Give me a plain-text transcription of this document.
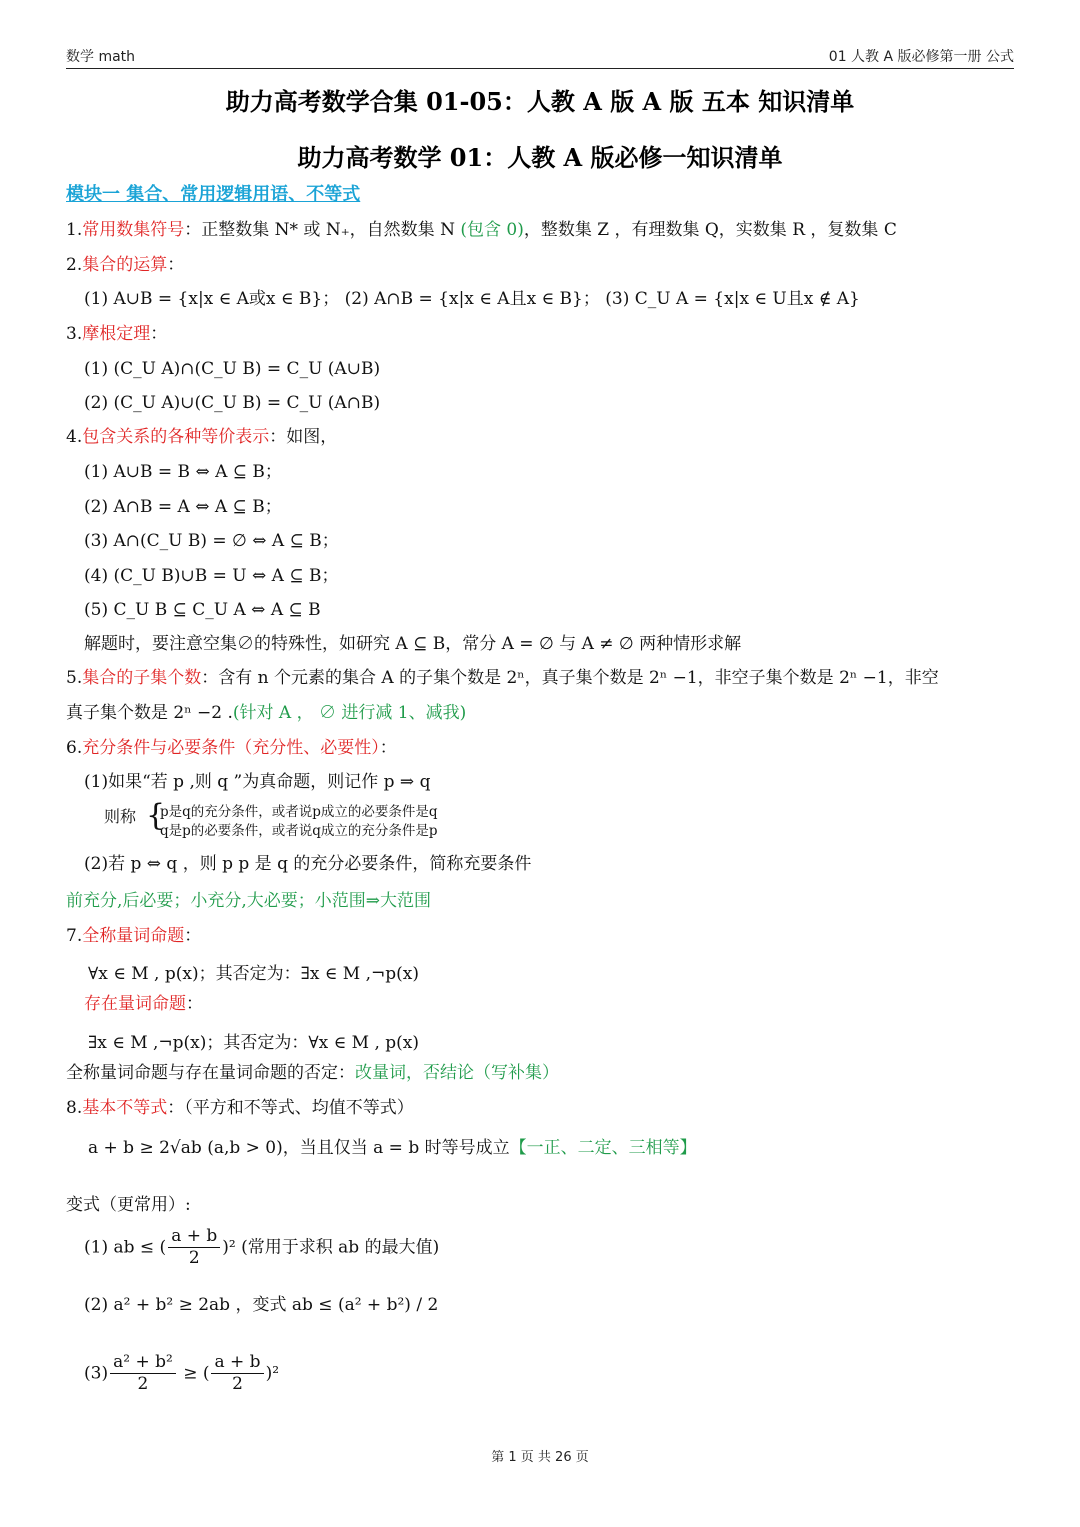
数学 math	01 人教 A 版必修第一册 公式
助力高考数学合集 01-05：人教 A 版 A 版 五本 知识清单
助力高考数学 01：人教 A 版必修一知识清单
模块一 集合、常用逻辑用语、不等式
1.常用数集符号：正整数集 N* 或 N₊，自然数集 N (包含 0)，整数集 Z ，有理数集 Q，实数集 R ，复数集 C
2.集合的运算：
(1) A∪B = {x|x ∈ A或x ∈ B}； (2) A∩B = {x|x ∈ A且x ∈ B}； (3) C_U A = {x|x ∈ U且x ∉ A}
3.摩根定理：
(1) (C_U A)∩(C_U B) = C_U (A∪B)
(2) (C_U A)∪(C_U B) = C_U (A∩B)
4.包含关系的各种等价表示：如图，
(1) A∪B = B ⇔ A ⊆ B；
(2) A∩B = A ⇔ A ⊆ B；
(3) A∩(C_U B) = ∅ ⇔ A ⊆ B；
(4) (C_U B)∪B = U ⇔ A ⊆ B；
(5) C_U B ⊆ C_U A ⇔ A ⊆ B
解题时，要注意空集∅的特殊性，如研究 A ⊆ B，常分 A = ∅ 与 A ≠ ∅ 两种情形求解
5.集合的子集个数：含有 n 个元素的集合 A 的子集个数是 2ⁿ，真子集个数是 2ⁿ −1，非空子集个数是 2ⁿ −1，非空
真子集个数是 2ⁿ −2 .(针对 A ， ∅ 进行减 1、减我)
6.充分条件与必要条件（充分性、必要性）：
(1)如果“若 p ,则 q ”为真命题，则记作 p ⇒ q
则称 {
p是q的充分条件，或者说p成立的必要条件是q
q是p的必要条件，或者说q成立的充分条件是p
(2)若 p ⇔ q ，则 p p 是 q 的充分必要条件，简称充要条件
前充分,后必要；小充分,大必要；小范围⇒大范围
7.全称量词命题：
∀x ∈ M , p(x)；其否定为：∃x ∈ M ,¬p(x)
存在量词命题：
∃x ∈ M ,¬p(x)；其否定为：∀x ∈ M , p(x)
全称量词命题与存在量词命题的否定：改量词，否结论（写补集）
8.基本不等式：（平方和不等式、均值不等式）
a + b ≥ 2√ab (a,b > 0)，当且仅当 a = b 时等号成立【一正、二定、三相等】
变式（更常用）:
(1) ab ≤ ( $\frac{a + b}{2} )^2$ (常用于求积 ab 的最大值)
(2) a² + b² ≥ 2ab ，变式 ab ≤ (a² + b²) / 2
$(3) \frac{\text{a² + b²}}{2}$ ≥ ( $\frac{a + b}{2} )^2$
第 1 页 共 26 页
